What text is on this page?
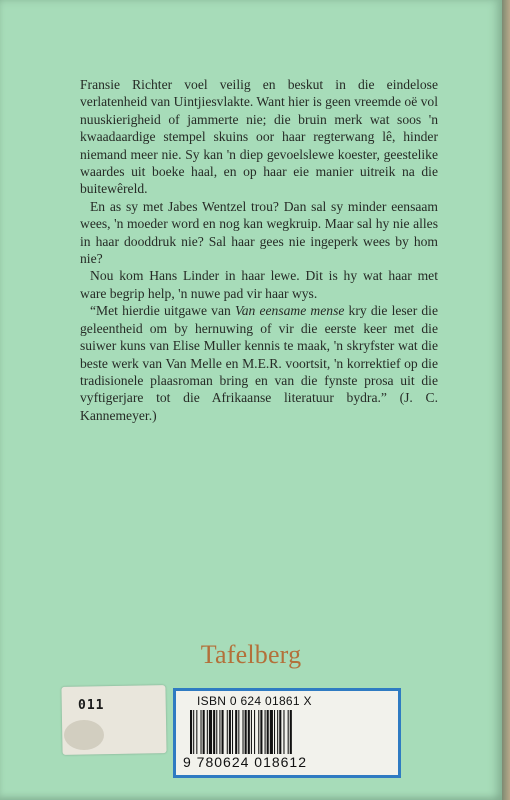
Fransie Richter voel veilig en beskut in die eindelose verlatenheid van Uintjiesvlakte. Want hier is geen vreemde oë vol nuuskierigheid of jammerte nie; die bruin merk wat soos 'n kwaadaardige stempel skuins oor haar regterwang lê, hinder niemand meer nie. Sy kan 'n diep gevoelslewe koester, geestelike waardes uit boeke haal, en op haar eie manier uitreik na die buitewêreld.

En as sy met Jabes Wentzel trou? Dan sal sy minder eensaam wees, 'n moeder word en nog kan wegkruip. Maar sal hy nie alles in haar dooddruk nie? Sal haar gees nie ingeperk wees by hom nie?

Nou kom Hans Linder in haar lewe. Dit is hy wat haar met ware begrip help, 'n nuwe pad vir haar wys.

“Met hierdie uitgawe van Van eensame mense kry die leser die geleentheid om by hernuwing of vir die eerste keer met die suiwer kuns van Elise Muller kennis te maak, 'n skryfster wat die beste werk van Van Melle en M.E.R. voortsit, 'n korrektief op die tradisionele plaasroman bring en van die fynste prosa uit die vyftigerjare tot die Afrikaanse literatuur bydra.” (J. C. Kannemeyer.)

Tafelberg
011	ISBN 0 624 01861 X
9 780624 018612
